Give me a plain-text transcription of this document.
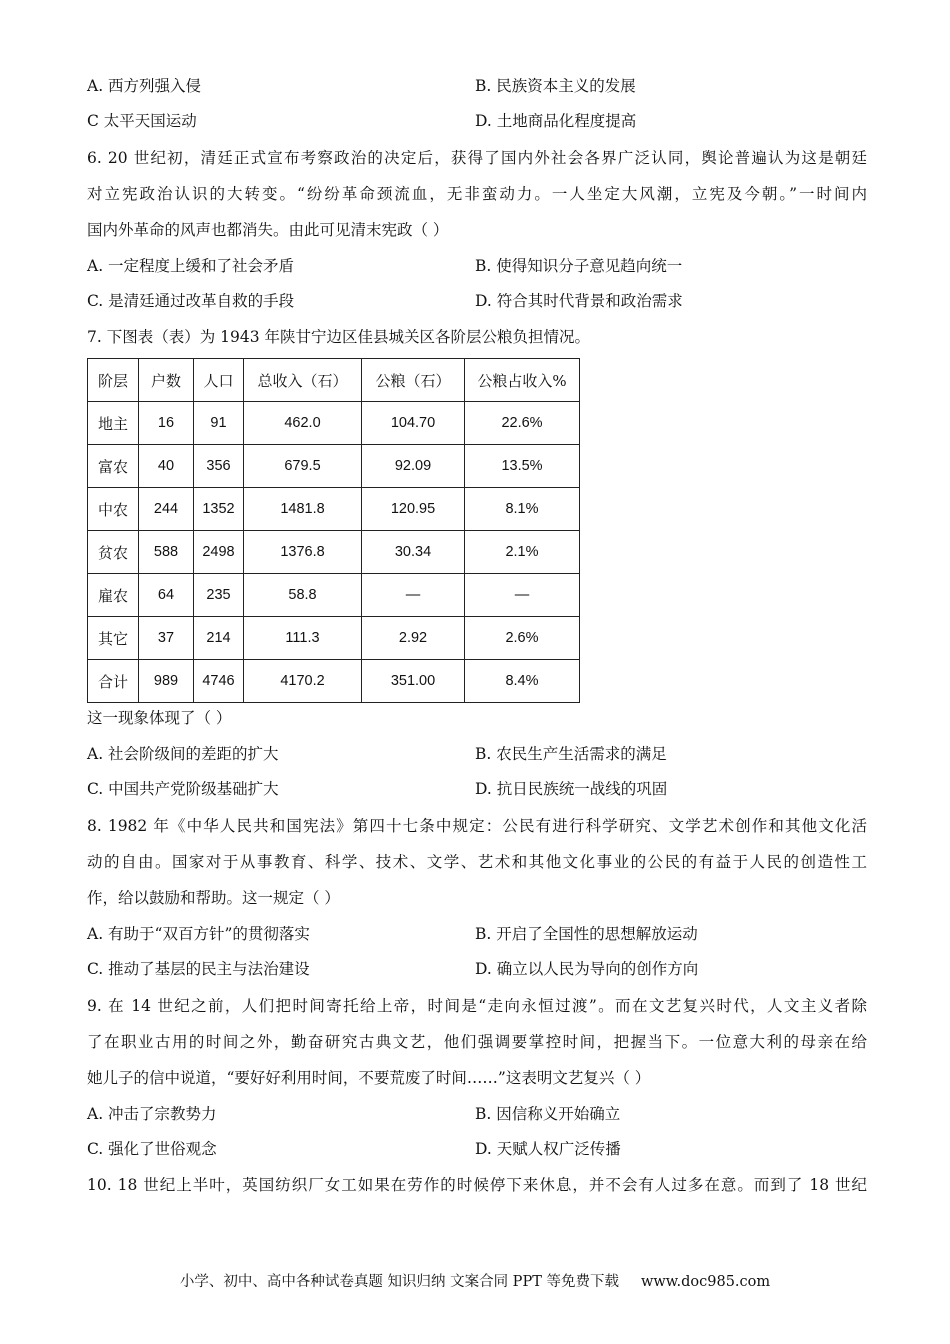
A. 西方列强入侵	B. 民族资本主义的发展
C 太平天国运动	D. 土地商品化程度提高
6. 20 世纪初，清廷正式宣布考察政治的决定后，获得了国内外社会各界广泛认同，舆论普遍认为这是朝廷
对立宪政治认识的大转变。“纷纷革命颈流血，无非蛮动力。一人坐定大风潮，立宪及今朝。”一时间内
国内外革命的风声也都消失。由此可见清末宪政（ ）
A. 一定程度上缓和了社会矛盾	B. 使得知识分子意见趋向统一
C. 是清廷通过改革自救的手段	D. 符合其时代背景和政治需求
7. 下图表（表）为 1943 年陕甘宁边区佳县城关区各阶层公粮负担情况。
阶层	户数	人口	总收入（石）	公粮（石）	公粮占收入%
地主	16	91	462.0	104.70	22.6%
富农	40	356	679.5	92.09	13.5%
中农	244	1352	1481.8	120.95	8.1%
贫农	588	2498	1376.8	30.34	2.1%
雇农	64	235	58.8	—	—
其它	37	214	111.3	2.92	2.6%
合计	989	4746	4170.2	351.00	8.4%
这一现象体现了（ ）
A. 社会阶级间的差距的扩大	B. 农民生产生活需求的满足
C. 中国共产党阶级基础扩大	D. 抗日民族统一战线的巩固
8. 1982 年《中华人民共和国宪法》第四十七条中规定：公民有进行科学研究、文学艺术创作和其他文化活
动的自由。国家对于从事教育、科学、技术、文学、艺术和其他文化事业的公民的有益于人民的创造性工
作，给以鼓励和帮助。这一规定（ ）
A. 有助于“双百方针”的贯彻落实	B. 开启了全国性的思想解放运动
C. 推动了基层的民主与法治建设	D. 确立以人民为导向的创作方向
9. 在 14 世纪之前，人们把时间寄托给上帝，时间是“走向永恒过渡”。而在文艺复兴时代，人文主义者除
了在职业古用的时间之外，勤奋研究古典文艺，他们强调要掌控时间，把握当下。一位意大利的母亲在给
她儿子的信中说道，“要好好利用时间，不要荒废了时间……”这表明文艺复兴（ ）
A. 冲击了宗教势力	B. 因信称义开始确立
C. 强化了世俗观念	D. 天赋人权广泛传播
10. 18 世纪上半叶，英国纺织厂女工如果在劳作的时候停下来休息，并不会有人过多在意。而到了 18 世纪
小学、初中、高中各种试卷真题 知识归纳 文案合同 PPT 等免费下载 www.doc985.com
